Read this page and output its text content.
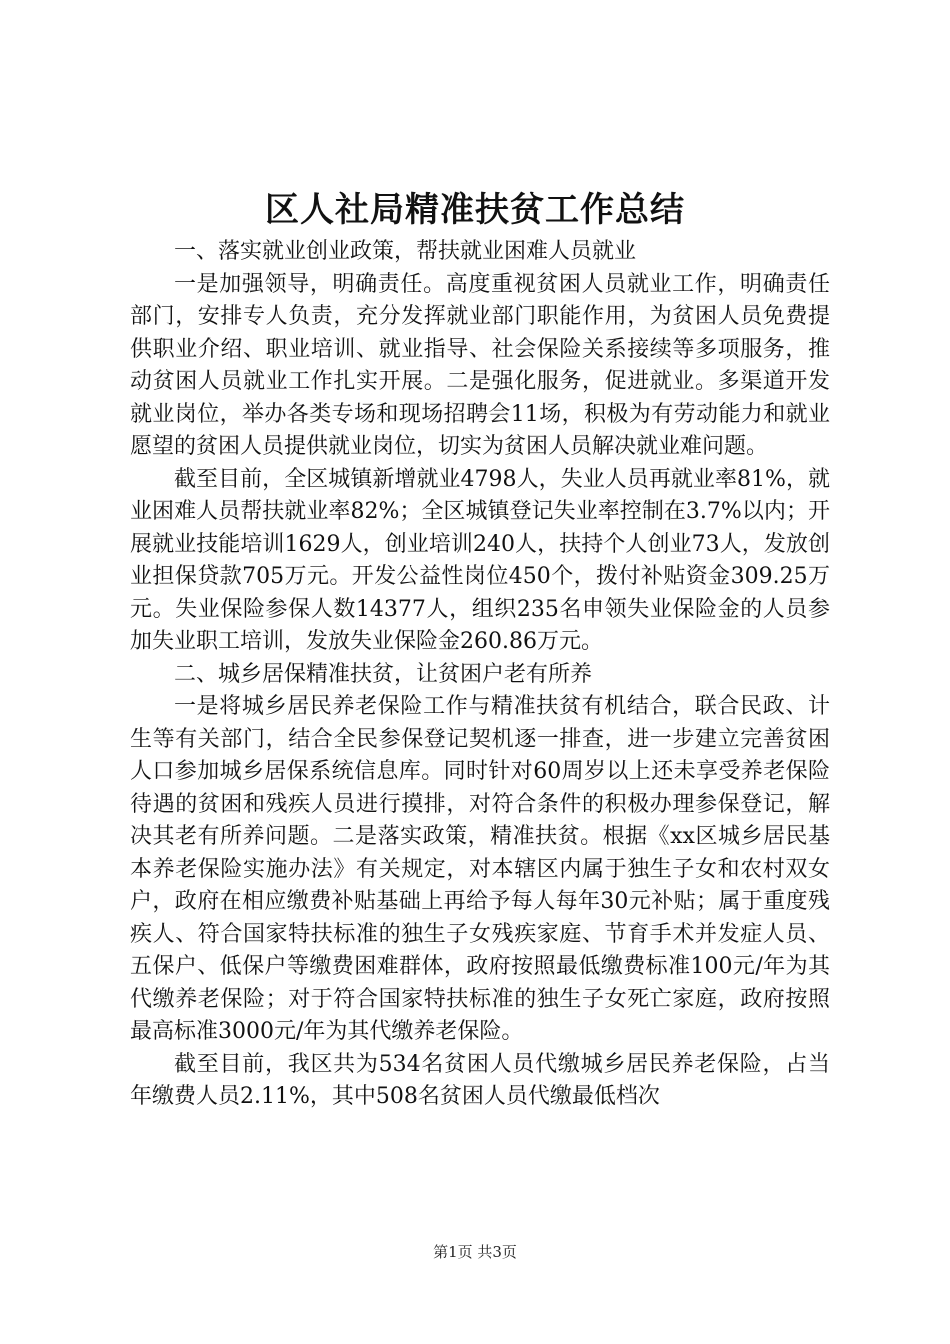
区人社局精准扶贫工作总结

一、落实就业创业政策，帮扶就业困难人员就业

一是加强领导，明确责任。高度重视贫困人员就业工作，明确责任部门，安排专人负责，充分发挥就业部门职能作用，为贫困人员免费提供职业介绍、职业培训、就业指导、社会保险关系接续等多项服务，推动贫困人员就业工作扎实开展。二是强化服务，促进就业。多渠道开发就业岗位，举办各类专场和现场招聘会11场，积极为有劳动能力和就业愿望的贫困人员提供就业岗位，切实为贫困人员解决就业难问题。

截至目前，全区城镇新增就业4798人，失业人员再就业率81%，就业困难人员帮扶就业率82%；全区城镇登记失业率控制在3.7%以内；开展就业技能培训1629人，创业培训240人，扶持个人创业73人，发放创业担保贷款705万元。开发公益性岗位450个，拨付补贴资金309.25万元。失业保险参保人数14377人，组织235名申领失业保险金的人员参加失业职工培训，发放失业保险金260.86万元。

二、城乡居保精准扶贫，让贫困户老有所养

一是将城乡居民养老保险工作与精准扶贫有机结合，联合民政、计生等有关部门，结合全民参保登记契机逐一排查，进一步建立完善贫困人口参加城乡居保系统信息库。同时针对60周岁以上还未享受养老保险待遇的贫困和残疾人员进行摸排，对符合条件的积极办理参保登记，解决其老有所养问题。二是落实政策，精准扶贫。根据《xx区城乡居民基本养老保险实施办法》有关规定，对本辖区内属于独生子女和农村双女户，政府在相应缴费补贴基础上再给予每人每年30元补贴；属于重度残疾人、符合国家特扶标准的独生子女残疾家庭、节育手术并发症人员、五保户、低保户等缴费困难群体，政府按照最低缴费标准100元/年为其代缴养老保险；对于符合国家特扶标准的独生子女死亡家庭，政府按照最高标准3000元/年为其代缴养老保险。

截至目前，我区共为534名贫困人员代缴城乡居民养老保险，占当年缴费人员2.11%，其中508名贫困人员代缴最低档次

第1页 共3页
